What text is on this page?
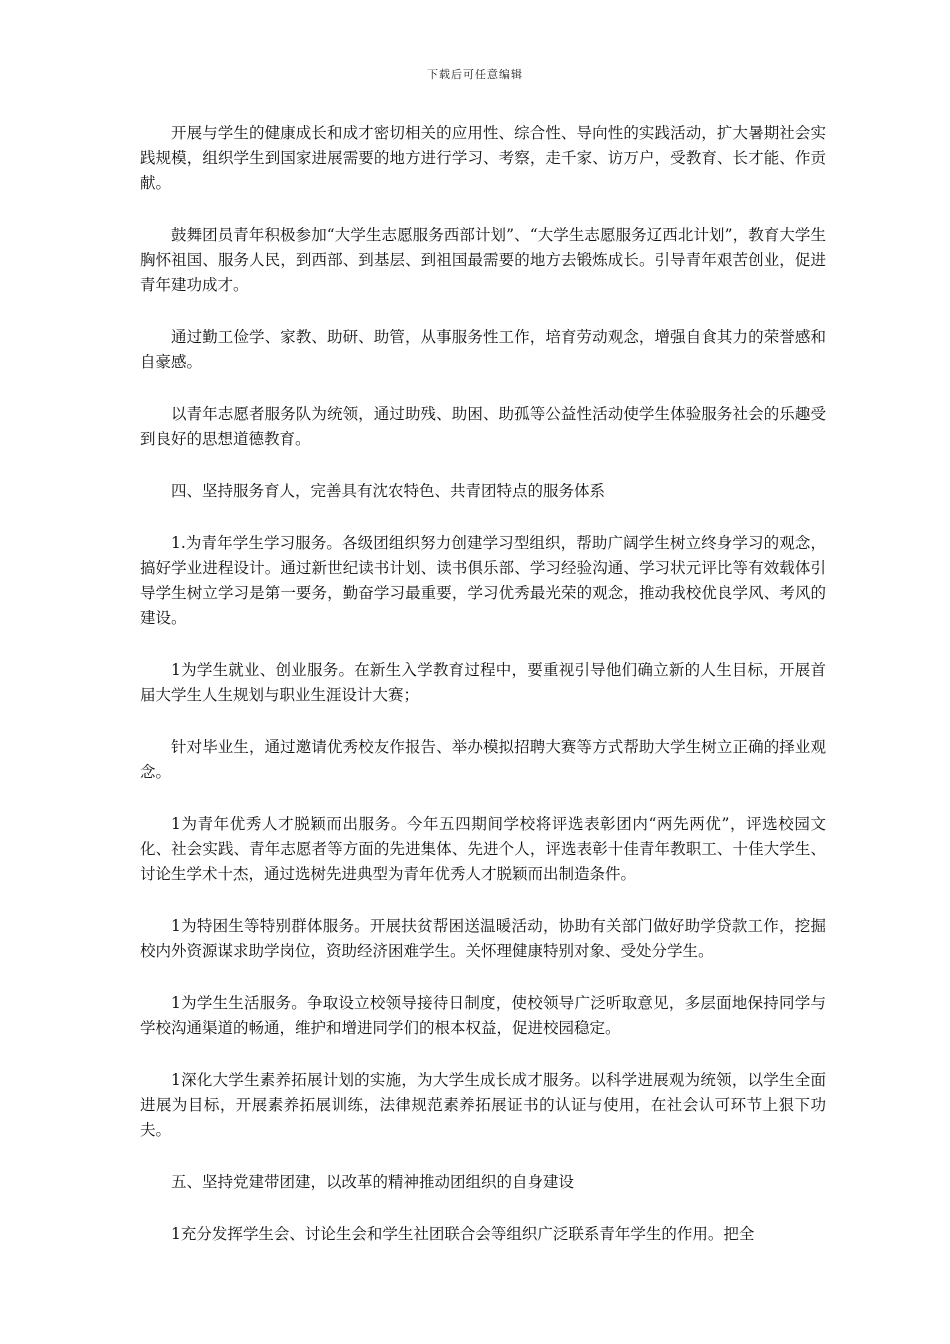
下载后可任意编辑

开展与学生的健康成长和成才密切相关的应用性、综合性、导向性的实践活动，扩大暑期社会实践规模，组织学生到国家进展需要的地方进行学习、考察，走千家、访万户，受教育、长才能、作贡献。

鼓舞团员青年积极参加“大学生志愿服务西部计划”、“大学生志愿服务辽西北计划”，教育大学生胸怀祖国、服务人民，到西部、到基层、到祖国最需要的地方去锻炼成长。引导青年艰苦创业，促进青年建功成才。

通过勤工俭学、家教、助研、助管，从事服务性工作，培育劳动观念，增强自食其力的荣誉感和自豪感。

以青年志愿者服务队为统领，通过助残、助困、助孤等公益性活动使学生体验服务社会的乐趣受到良好的思想道德教育。

四、坚持服务育人，完善具有沈农特色、共青团特点的服务体系

1.为青年学生学习服务。各级团组织努力创建学习型组织，帮助广阔学生树立终身学习的观念，搞好学业进程设计。通过新世纪读书计划、读书俱乐部、学习经验沟通、学习状元评比等有效载体引导学生树立学习是第一要务，勤奋学习最重要，学习优秀最光荣的观念，推动我校优良学风、考风的建设。

1为学生就业、创业服务。在新生入学教育过程中，要重视引导他们确立新的人生目标，开展首届大学生人生规划与职业生涯设计大赛；

针对毕业生，通过邀请优秀校友作报告、举办模拟招聘大赛等方式帮助大学生树立正确的择业观念。

1为青年优秀人才脱颖而出服务。今年五四期间学校将评选表彰团内“两先两优”，评选校园文化、社会实践、青年志愿者等方面的先进集体、先进个人，评选表彰十佳青年教职工、十佳大学生、讨论生学术十杰，通过选树先进典型为青年优秀人才脱颖而出制造条件。

1为特困生等特别群体服务。开展扶贫帮困送温暖活动，协助有关部门做好助学贷款工作，挖掘校内外资源谋求助学岗位，资助经济困难学生。关怀理健康特别对象、受处分学生。

1为学生生活服务。争取设立校领导接待日制度，使校领导广泛听取意见，多层面地保持同学与学校沟通渠道的畅通，维护和增进同学们的根本权益，促进校园稳定。

1深化大学生素养拓展计划的实施，为大学生成长成才服务。以科学进展观为统领，以学生全面进展为目标，开展素养拓展训练，法律规范素养拓展证书的认证与使用，在社会认可环节上狠下功夫。

五、坚持党建带团建，以改革的精神推动团组织的自身建设

1充分发挥学生会、讨论生会和学生社团联合会等组织广泛联系青年学生的作用。把全
